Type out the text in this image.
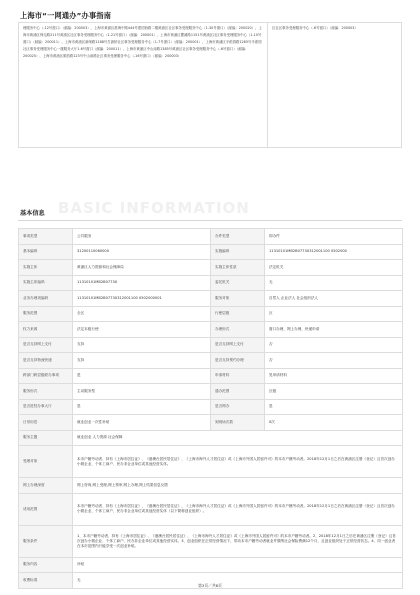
上海市“一网通办”办事指南
理服务中心（-12号窗口）（邮编：200003）、上海市黄浦区淮海中路444号建国西路二楼黄浦区社区事务受理服务中心（1-30号窗口）（邮编：200020）、上海市黄浦区保屯路211号黄浦区社区事务受理服务中心（1-21号窗口）（邮编：200001）、上海市黄浦区瞿溪路1151号黄浦区社区事务受理服务中心（1-10号窗口）（邮编：200011）、上海市黄浦区新闸路1188号打浦桥社区事务受理服务中心（1-7号窗口）（邮编：200001）、上海市黄浦区半淞园路1265号半淞园社区事务受理服务中心一楼服务大厅1-6号窗口（邮编：200011）、上海市黄浦区中山南路1385号黄浦区社区事务受理服务中心（-6号窗口）（邮编：200025）、上海市黄浦区顺昌路123号中山南路社区事务受理服务中心（-16号窗口）（邮编：200003）	区社区事务受理服务中心（-6号窗口）（邮编：200003）
BASIC INFORMATION
基本信息
事项类型	公共服务	办件类型	即办件
基本编码	31200110060000	实施编码	11310101MB2B0773X312001100 0502000
实施主体	黄浦区人力资源和社会保障局	实施主体性质	法定机关
实施主体编码	11310101MB2B0773X	委托机关	无
业务办理项编码	11310101MB2B0773X312001100 0502000001	服务对象	自然人 企业法人 社会组织法人
服务范围	全区	行使层级	区
权力来源	法定本级行使	办理形式	窗口办理、网上办理、快递申请
是否支持网上支付	支持	是否支持网上支付	否
是否支持物流快递	支持	是否支持预约办理	否
跨部门跨层级联办事项	是	申请材料	见申请材料
服务形式	主动服务型	通办范围	区级
是否进驻办事大厅	是	是否网办	是
日常用语	就业创业一次性补贴	到现场次数	0次
服务主题	就业创业 人力资源 社会保障		
受理对象	本市户籍劳动者、持有《上海市居住证》、《港澳台居民居住证》、《上海市海外人才居住证》或《上海市外国人居留许可》的本市户籍劳动者。2018年12月1日之后在黄浦区注册（登记）且首次创办小微企业、个体工商户、民办非企业单位或其他经营实体。		
网上办理深度	网上咨询,网上受理,网上预审,网上办理,网上结果信息反馈		
适用范围	本市户籍劳动者、持有《上海市居住证》、《港澳台居民居住证》、《上海市海外人才居住证》或《上海市外国人居留许可》的本市户籍劳动者。2018年12月1日之后在黄浦区注册（登记）且首次创办小微企业、个体工商户、民办非企业单位或其他经营实体（以下简称创业组织）。		
服务条件	1、本市户籍劳动者、持有《上海市居住证》、《港澳台居民居住证》、《上海市海外人才居住证》或《上海市外国人居留许可》的本市户籍劳动者。2、2018年12月1日之后在黄浦区注册（登记）且首次创办小微企业、个体工商户、民办非企业单位或其他经营实体。3、创业组织在正常经营情况下，带动本市户籍劳动者就业并缴纳社会保险费满12个月，且创业组织处于正常经营状态。4、同一创业者在本市范围内只能享受一次创业补贴。		
服务内容	补贴		
收费标准	无		
第3页／共8页
